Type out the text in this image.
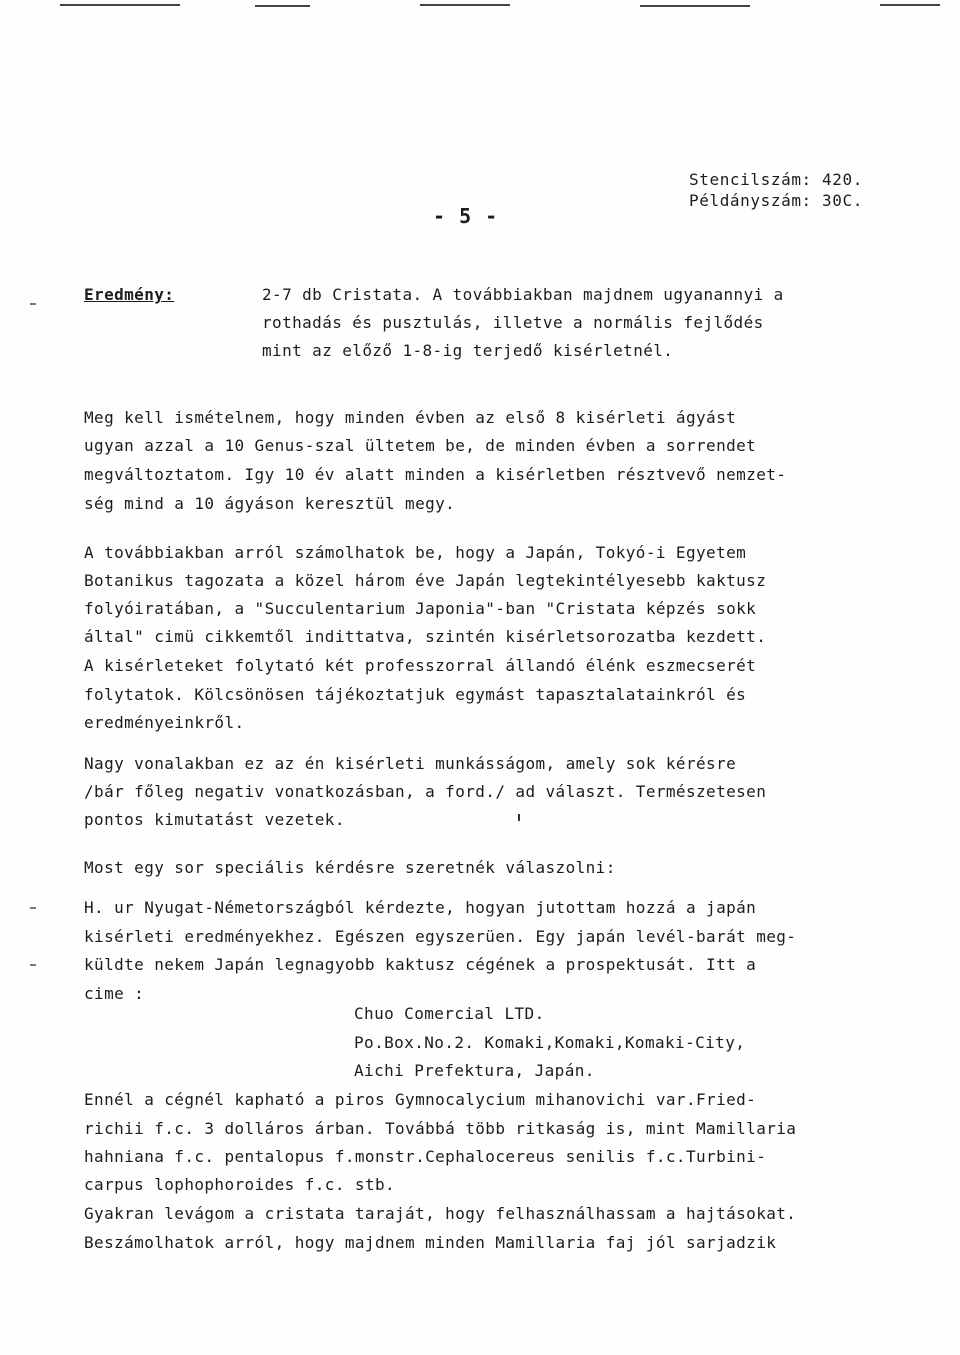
Stencilszám: 420.
Példányszám: 30C.
- 5 -
Eredmény:	2-7 db Cristata. A továbbiakban majdnem ugyanannyi a
rothadás és pusztulás, illetve a normális fejlődés
mint az előző 1-8-ig terjedő kisérletnél.
Meg kell ismételnem, hogy minden évben az első 8 kisérleti ágyást
ugyan azzal a 10 Genus-szal ültetem be, de minden évben a sorrendet
megváltoztatom. Igy 10 év alatt minden a kisérletben résztvevő nemzet-
ség mind a 10 ágyáson keresztül megy.
A továbbiakban arról számolhatok be, hogy a Japán, Tokyó-i Egyetem
Botanikus tagozata a közel három éve Japán legtekintélyesebb kaktusz
folyóiratában, a "Succulentarium Japonia"-ban "Cristata képzés sokk
által" cimü cikkemtől indittatva, szintén kisérletsorozatba kezdett.
A kisérleteket folytató két professzorral állandó élénk eszmecserét
folytatok. Kölcsönösen tájékoztatjuk egymást tapasztalatainkról és
eredményeinkről.
Nagy vonalakban ez az én kisérleti munkásságom, amely sok kérésre
/bár főleg negativ vonatkozásban, a ford./ ad választ. Természetesen
pontos kimutatást vezetek.
Most egy sor speciális kérdésre szeretnék válaszolni:
H. ur Nyugat-Németországból kérdezte, hogyan jutottam hozzá a japán
kisérleti eredményekhez. Egészen egyszerüen. Egy japán levél-barát meg-
küldte nekem Japán legnagyobb kaktusz cégének a prospektusát. Itt a
cime :
Chuo Comercial LTD.
Po.Box.No.2. Komaki,Komaki,Komaki-City,
Aichi Prefektura, Japán.
Ennél a cégnél kapható a piros Gymnocalycium mihanovichi var.Fried-
richii f.c. 3 dolláros árban. Továbbá több ritkaság is, mint Mamillaria
hahniana f.c. pentalopus f.monstr.Cephalocereus senilis f.c.Turbini-
carpus lophophoroides f.c. stb.
Gyakran levágom a cristata taraját, hogy felhasználhassam a hajtásokat.
Beszámolhatok arról, hogy majdnem minden Mamillaria faj jól sarjadzik
